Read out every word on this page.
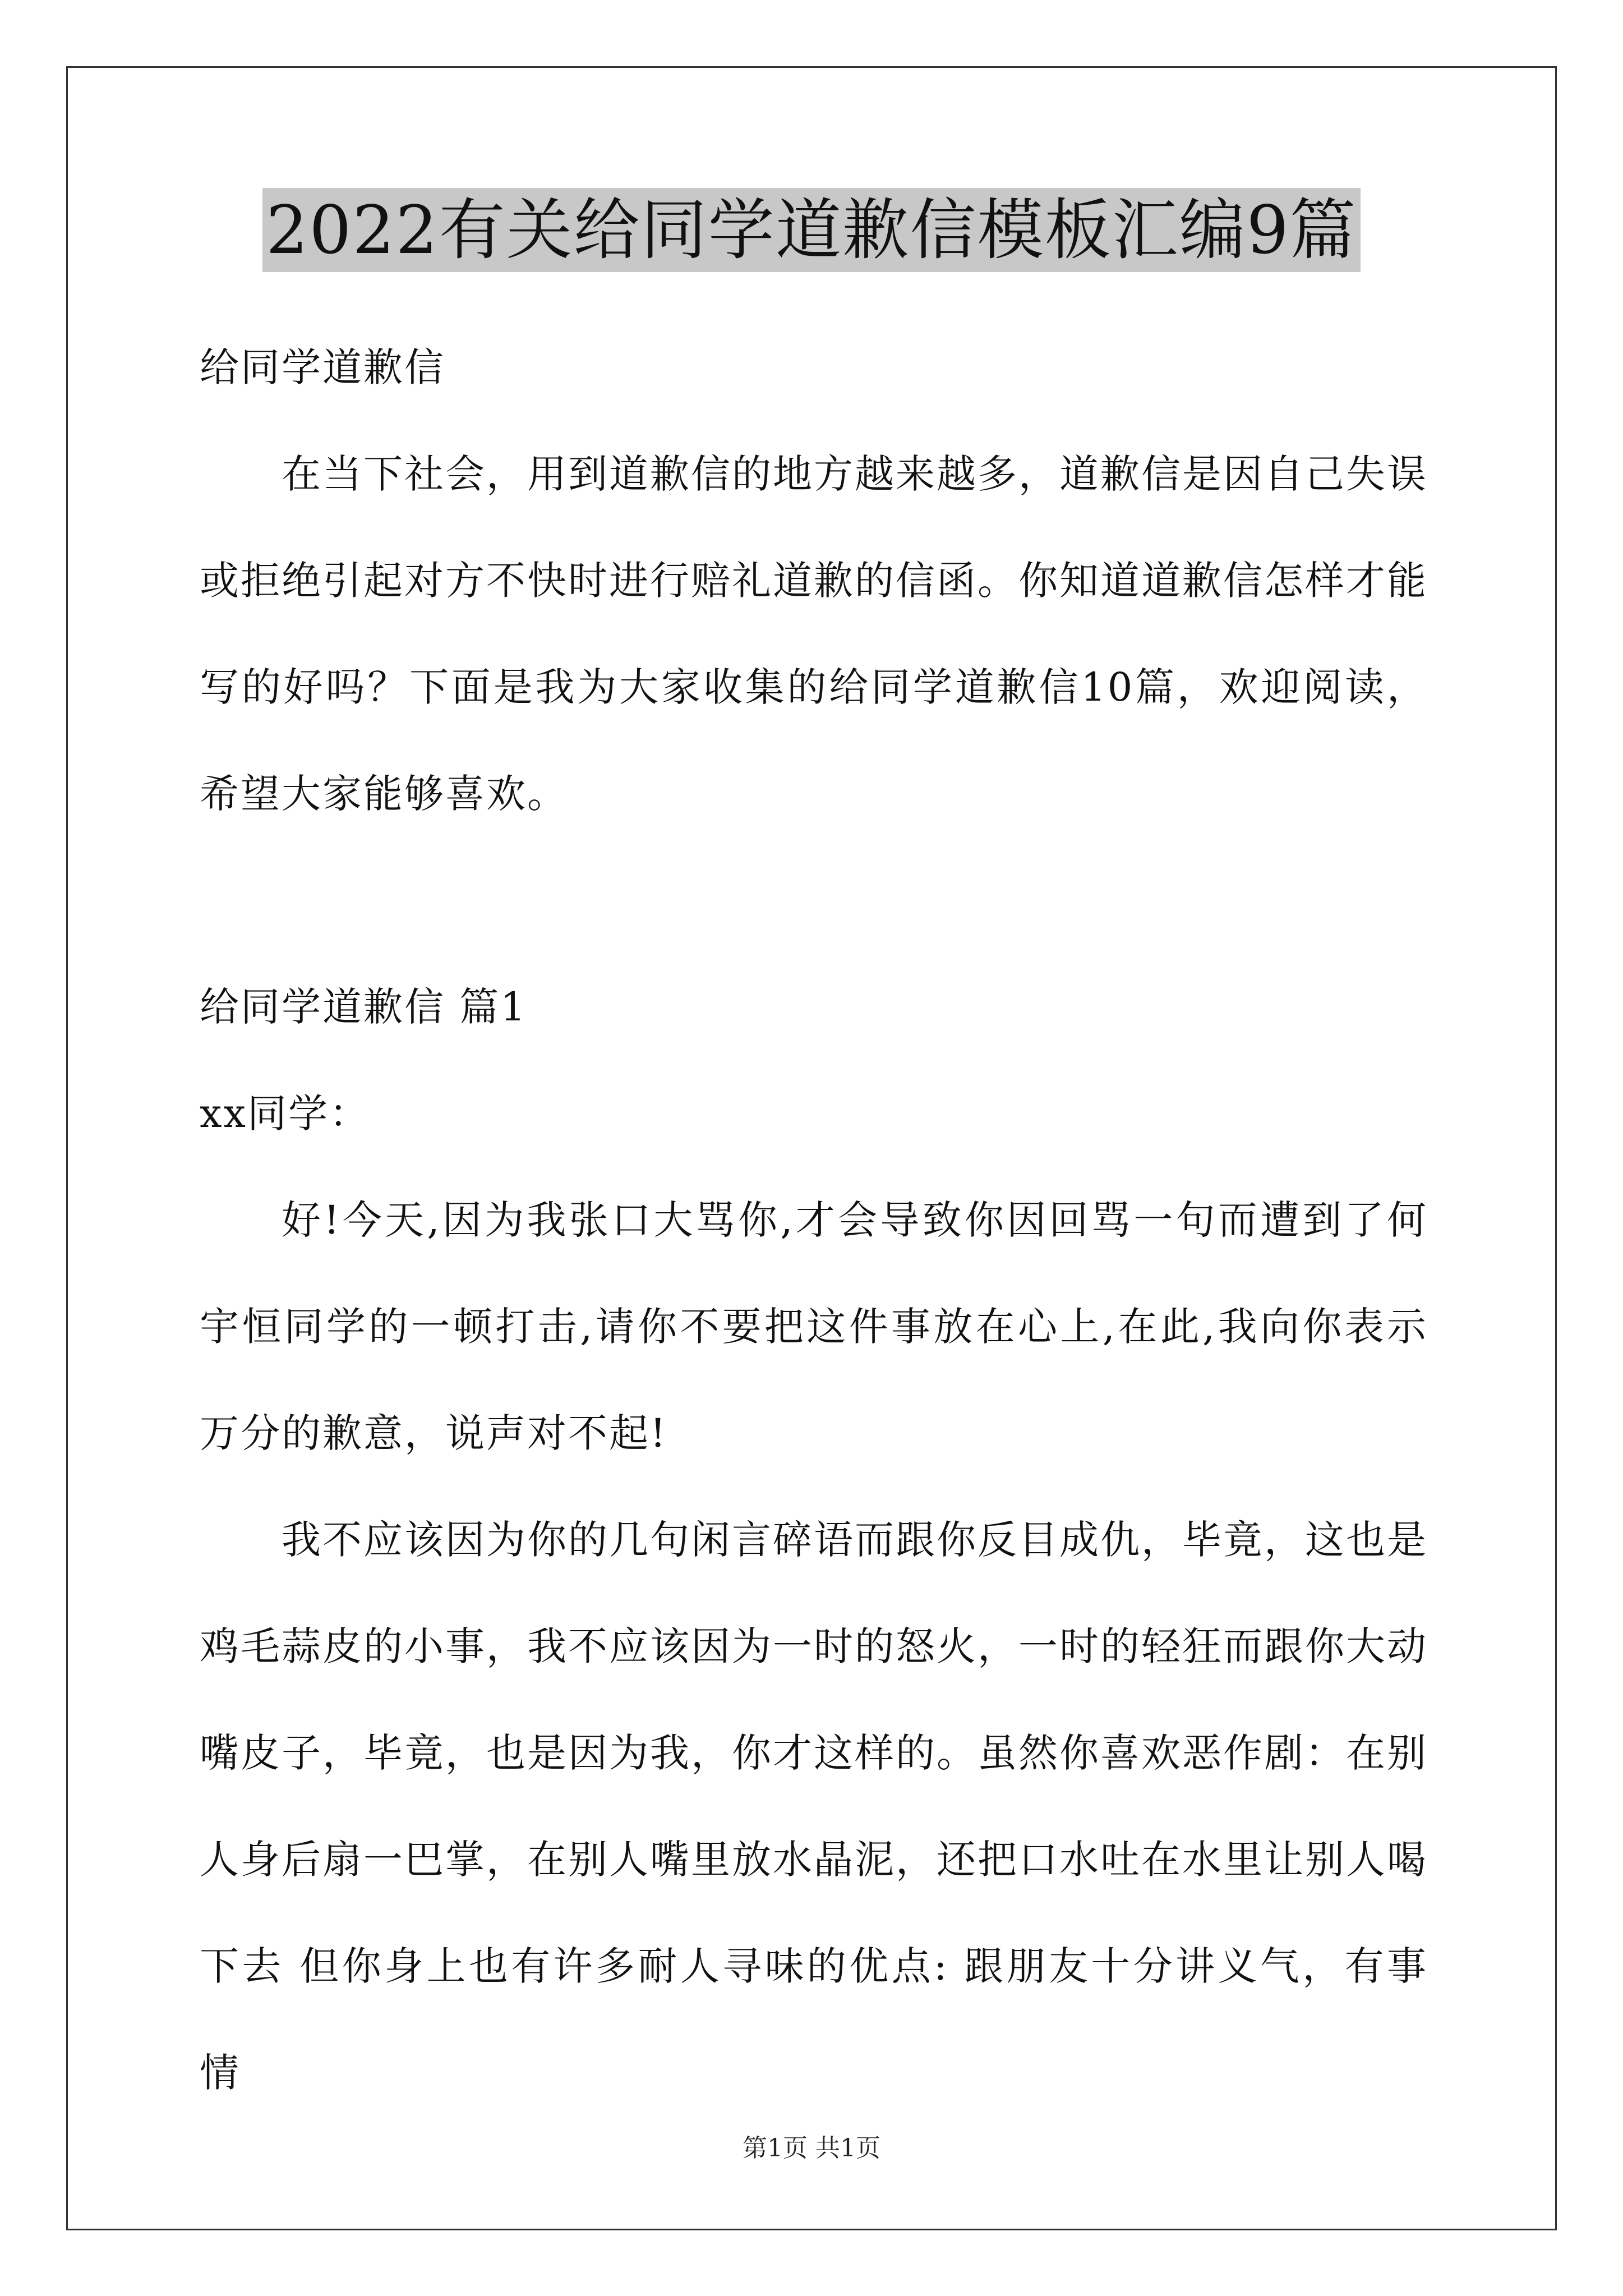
2022有关给同学道歉信模板汇编9篇

给同学道歉信

在当下社会，用到道歉信的地方越来越多，道歉信是因自己失误或拒绝引起对方不快时进行赔礼道歉的信函。你知道道歉信怎样才能写的好吗？下面是我为大家收集的给同学道歉信10篇，欢迎阅读，希望大家能够喜欢。

给同学道歉信 篇1

xx同学：

好!今天,因为我张口大骂你,才会导致你因回骂一句而遭到了何宇恒同学的一顿打击,请你不要把这件事放在心上,在此,我向你表示万分的歉意，说声对不起!

我不应该因为你的几句闲言碎语而跟你反目成仇，毕竟，这也是鸡毛蒜皮的小事，我不应该因为一时的怒火，一时的轻狂而跟你大动嘴皮子，毕竟，也是因为我，你才这样的。虽然你喜欢恶作剧：在别人身后扇一巴掌，在别人嘴里放水晶泥，还把口水吐在水里让别人喝下去 但你身上也有许多耐人寻味的优点: 跟朋友十分讲义气，有事情

第1页 共1页
